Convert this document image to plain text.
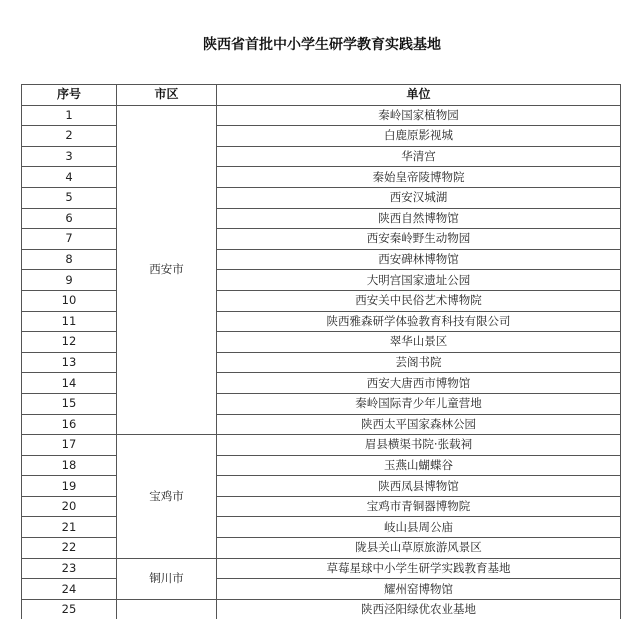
陕西省首批中小学生研学教育实践基地
序号	市区	单位
1	西安市	秦岭国家植物园
2		白鹿原影视城
3		华清宫
4		秦始皇帝陵博物院
5		西安汉城湖
6		陕西自然博物馆
7		西安秦岭野生动物园
8		西安碑林博物馆
9		大明宫国家遗址公园
10		西安关中民俗艺术博物院
11		陕西雅森研学体验教育科技有限公司
12		翠华山景区
13		芸阁书院
14		西安大唐西市博物馆
15		秦岭国际青少年儿童营地
16		陕西太平国家森林公园
17	宝鸡市	眉县横渠书院·张载祠
18		玉燕山蝴蝶谷
19		陕西凤县博物馆
20		宝鸡市青铜器博物院
21		岐山县周公庙
22		陇县关山草原旅游风景区
23	铜川市	草莓星球中小学生研学实践教育基地
24		耀州窑博物馆
25		陕西泾阳绿优农业基地
